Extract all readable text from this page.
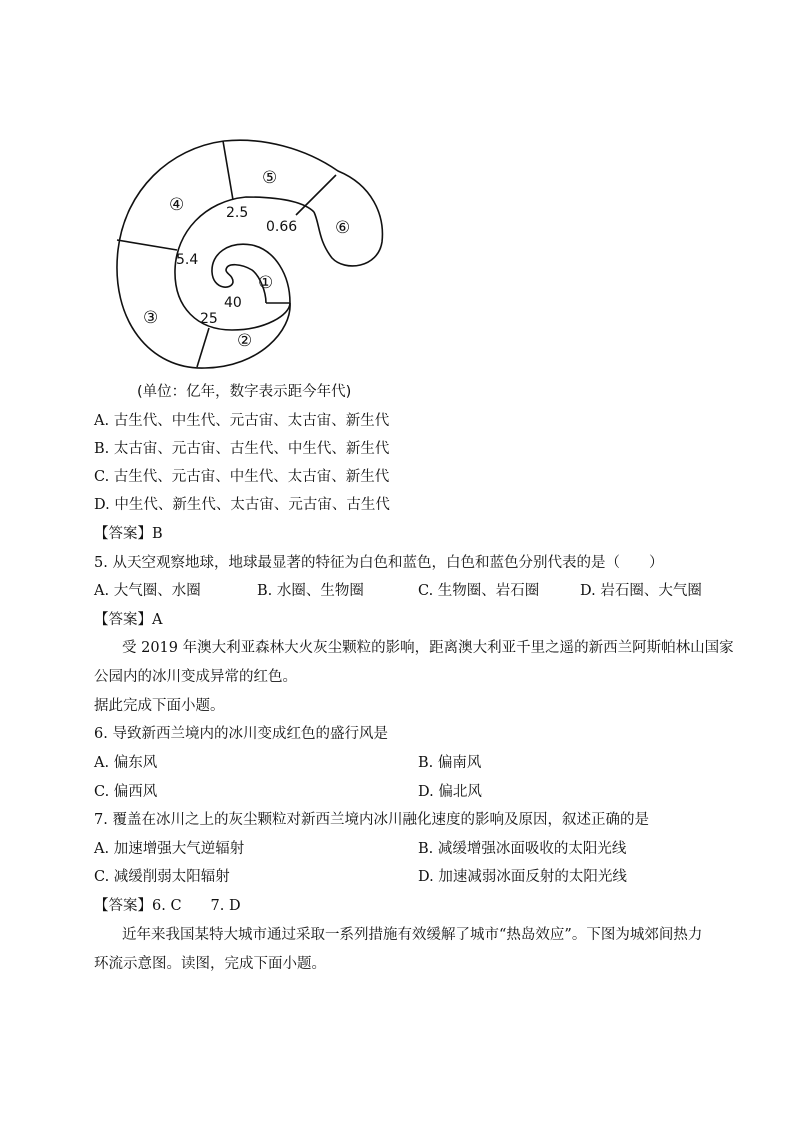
①
②
③
④
⑤
⑥
40
25
5.4
2.5
0.66
(单位：亿年，数字表示距今年代)
A. 古生代、中生代、元古宙、太古宙、新生代
B. 太古宙、元古宙、古生代、中生代、新生代
C. 古生代、元古宙、中生代、太古宙、新生代
D. 中生代、新生代、太古宙、元古宙、古生代
【答案】B
5. 从天空观察地球，地球最显著的特征为白色和蓝色，白色和蓝色分别代表的是（　　）
A. 大气圈、水圈	B. 水圈、生物圈	C. 生物圈、岩石圈	D. 岩石圈、大气圈
【答案】A
受 2019 年澳大利亚森林大火灰尘颗粒的影响，距离澳大利亚千里之遥的新西兰阿斯帕林山国家
公园内的冰川变成异常的红色。
据此完成下面小题。
6. 导致新西兰境内的冰川变成红色的盛行风是
A. 偏东风	B. 偏南风
C. 偏西风	D. 偏北风
7. 覆盖在冰川之上的灰尘颗粒对新西兰境内冰川融化速度的影响及原因，叙述正确的是
A. 加速增强大气逆辐射	B. 减缓增强冰面吸收的太阳光线
C. 减缓削弱太阳辐射	D. 加速减弱冰面反射的太阳光线
【答案】6. C　　7. D
近年来我国某特大城市通过采取一系列措施有效缓解了城市“热岛效应”。下图为城郊间热力
环流示意图。读图，完成下面小题。
